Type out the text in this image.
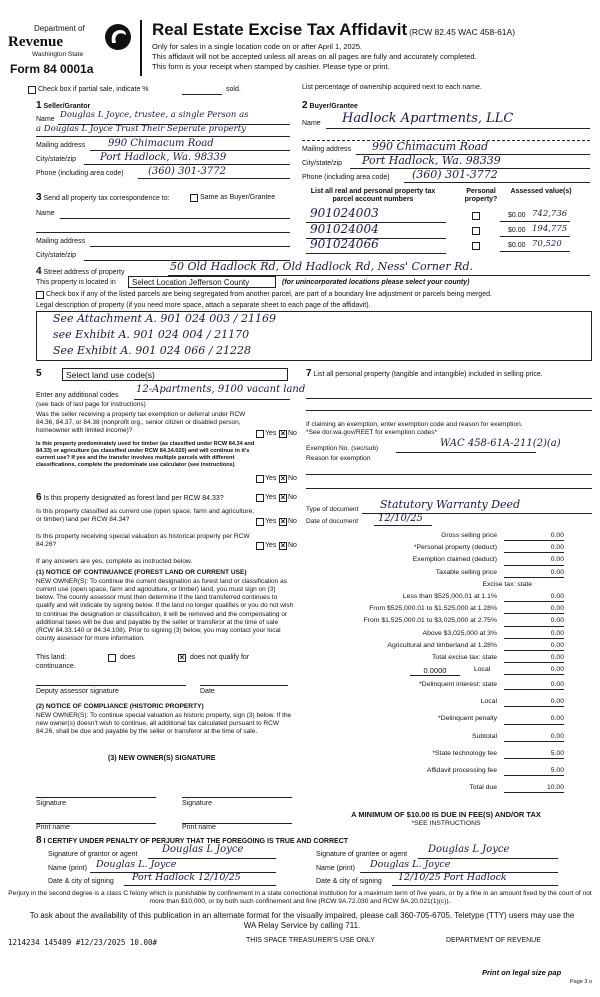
Department of
Revenue
Washington State
Form 84 0001a
Real Estate Excise Tax Affidavit (RCW 82.45 WAC 458-61A)
Only for sales in a single location code on or after April 1, 2025.
This affidavit will not be accepted unless all areas on all pages are fully and accurately completed.
This form is your receipt when stamped by cashier. Please type or print.
Check box if partial sale, indicate %	sold.	List percentage of ownership acquired next to each name.
1 Seller/Grantor
Name Douglas L Joyce, trustee, a single Person as
a Douglas L Joyce Trust Their Seperate property
Mailing address 990 Chimacum Road
City/state/zip Port Hadlock, Wa. 98339
Phone (including area code) (360) 301-3772
2 Buyer/Grantee
Name Hadlock Apartments, LLC
Mailing address 990 Chimacum Road
City/state/zip Port Hadlock, Wa. 98339
Phone (including area code) (360) 301-3772
3 Send all property tax correspondence to:	Same as Buyer/Grantee
Name
Mailing address
City/state/zip
List all real and personal property tax parcel account numbers
Personal property?
Assessed value(s)
901024003	$0.00 742,736
901024004	$0.00 194,775
901024066	$0.00 70,520
4 Street address of property	50 Old Hadlock Rd, Old Hadlock Rd, Ness' Corner Rd.
This property is located in	Select Location Jefferson County	(for unincorporated locations please select your county)
Check box if any of the listed parcels are being segregated from another parcel, are part of a boundary line adjustment or parcels being merged.
Legal description of property (if you need more space, attach a separate sheet to each page of the affidavit).
See Attachment A. 901 024 003 / 21169
see Exhibit A. 901 024 004 / 21170
See Exhibit A. 901 024 066 / 21228
5	Select land use code(s)
Enter any additional codes
12-Apartments, 9100 vacant land
(see back of last page for instructions)
Was the seller receiving a property tax exemption or deferral under RCW 84.36, 84.37, or 84.38 (nonprofit org., senior citizen or disabled person, homeowner with limited income)?	Yes × No
Is this property predominately used for timber (as classified under RCW 84.34 and 84.33) or agriculture (as classified under RCW 84.34.020) and will continue in it's current use? If yes and the transfer involves multiple parcels with different classifications, complete the predominate use calculator (see instructions)
Yes × No
6 Is this property designated as forest land per RCW 84.33?	Yes × No
Is this property classified as current use (open space, farm and agriculture, or timber) land per RCW 84.34?	Yes × No
Is this property receiving special valuation as historical property per RCW 84.26?	Yes × No
If any answers are yes, complete as instructed below.
(1) NOTICE OF CONTINUANCE (FOREST LAND OR CURRENT USE)
NEW OWNER(S): To continue the current designation as forest land or classification as current use (open space, farm and agriculture, or timber) land, you must sign on (3) below. The county assessor must then determine if the land transferred continues to qualify and will indicate by signing below. If the land no longer qualifies or you do not wish to continue the designation or classification, it will be removed and the compensating or additional taxes will be due and payable by the seller or transferor at the time of sale (RCW 84.33.140 or 84.34.108). Prior to signing (3) below, you may contact your local county assessor for more information.
This land:
continuance.
does	× does not qualify for
Deputy assessor signature	Date
(2) NOTICE OF COMPLIANCE (HISTORIC PROPERTY)
NEW OWNER(S): To continue special valuation as historic property, sign (3) below. If the new owner(s) doesn't wish to continue, all additional tax calculated pursuant to RCW 84.26, shall be due and payable by the seller or transferor at the time of sale.
(3) NEW OWNER(S) SIGNATURE
Signature	Signature
Print name	Print name
7 List all personal property (tangible and intangible) included in selling price.
If claiming an exemption, enter exemption code and reason for exemption. *See dor.wa.gov/REET for exemption codes*
Exemption No. (sec/sub)	WAC 458-61A-211(2)(a)
Reason for exemption
Type of document Statutory Warranty Deed
Date of document 12/10/25
Gross selling price	0.00
*Personal property (deduct)	0.00
Exemption claimed (deduct)	0.00
Taxable selling price	0.00
Excise tax: state
Less than $525,000.01 at 1.1%	0.00
From $525,000.01 to $1,525,000 at 1.28%	0.00
From $1,525,000.01 to $3,025,000 at 2.75%	0.00
Above $3,025,000 at 3%	0.00
Agricultural and timberland at 1.28%	0.00
Total excise tax: state	0.00
0.0000	Local	0.00
*Delinquent interest: state	0.00
Local	0.00
*Delinquent penalty	0.00
Subtotal	0.00
*State technology fee	5.00
Affidavit processing fee	5.00
Total due	10.00
A MINIMUM OF $10.00 IS DUE IN FEE(S) AND/OR TAX
*SEE INSTRUCTIONS
8 I CERTIFY UNDER PENALTY OF PERJURY THAT THE FOREGOING IS TRUE AND CORRECT
Signature of grantor or agent Douglas L Joyce
Name (print) Douglas L. Joyce
Date & city of signing Port Hadlock 12/10/25
Signature of grantee or agent Douglas L Joyce
Name (print) Douglas L. Joyce
Date & city of signing 12/10/25 Port Hadlock
Perjury in the second degree is a class C felony which is punishable by confinement in a state correctional institution for a maximum term of five years, or by a fine in an amount fixed by the court of not more than $10,000, or by both such confinement and fine (RCW 9A.72.030 and RCW 9A.20.021(1)(c)).
To ask about the availability of this publication in an alternate format for the visually impaired, please call 360-705-6705. Teletype (TTY) users may use the WA Relay Service by calling 711.
1214234 145409 #12/23/2025 10.00#	THIS SPACE TREASURER'S USE ONLY	DEPARTMENT OF REVENUE
Print on legal size pap
Page 3 o
